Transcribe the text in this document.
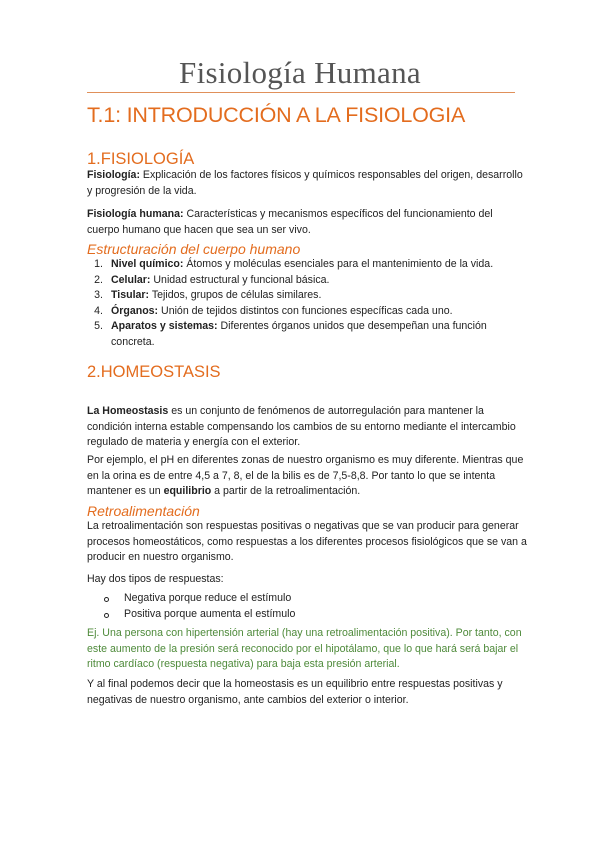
Fisiología Humana
T.1: INTRODUCCIÓN A LA FISIOLOGIA
1.FISIOLOGÍA

Fisiología: Explicación de los factores físicos y químicos responsables del origen, desarrollo y progresión de la vida.

Fisiología humana: Características y mecanismos específicos del funcionamiento del cuerpo humano que hacen que sea un ser vivo.

Estructuración del cuerpo humano
1. Nivel químico: Átomos y moléculas esenciales para el mantenimiento de la vida.
2. Celular: Unidad estructural y funcional básica.
3. Tisular: Tejidos, grupos de células similares.
4. Órganos: Unión de tejidos distintos con funciones específicas cada uno.
5. Aparatos y sistemas: Diferentes órganos unidos que desempeñan una función concreta.
2.HOMEOSTASIS

La Homeostasis es un conjunto de fenómenos de autorregulación para mantener la condición interna estable compensando los cambios de su entorno mediante el intercambio regulado de materia y energía con el exterior.

Por ejemplo, el pH en diferentes zonas de nuestro organismo es muy diferente. Mientras que en la orina es de entre 4,5 a 7, 8, el de la bilis es de 7,5-8,8. Por tanto lo que se intenta mantener es un equilibrio a partir de la retroalimentación.

Retroalimentación

La retroalimentación son respuestas positivas o negativas que se van producir para generar procesos homeostáticos, como respuestas a los diferentes procesos fisiológicos que se van a producir en nuestro organismo.

Hay dos tipos de respuestas:

Negativa porque reduce el estímulo
Positiva porque aumenta el estímulo

Ej. Una persona con hipertensión arterial (hay una retroalimentación positiva). Por tanto, con este aumento de la presión será reconocido por el hipotálamo, que lo que hará será bajar el ritmo cardíaco (respuesta negativa) para baja esta presión arterial.

Y al final podemos decir que la homeostasis es un equilibrio entre respuestas positivas y negativas de nuestro organismo, ante cambios del exterior o interior.
